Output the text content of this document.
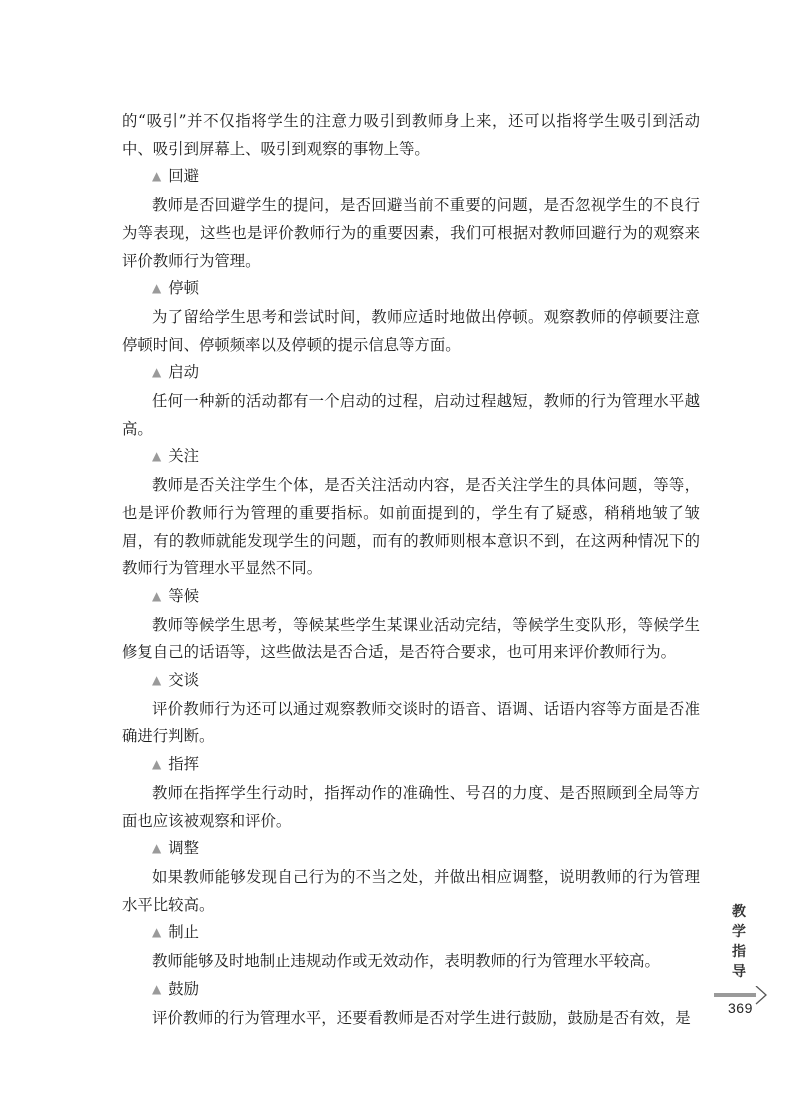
的“吸引”并不仅指将学生的注意力吸引到教师身上来，还可以指将学生吸引到活动中、吸引到屏幕上、吸引到观察的事物上等。

▲ 回避

教师是否回避学生的提问，是否回避当前不重要的问题，是否忽视学生的不良行为等表现，这些也是评价教师行为的重要因素，我们可根据对教师回避行为的观察来评价教师行为管理。

▲ 停顿

为了留给学生思考和尝试时间，教师应适时地做出停顿。观察教师的停顿要注意停顿时间、停顿频率以及停顿的提示信息等方面。

▲ 启动

任何一种新的活动都有一个启动的过程，启动过程越短，教师的行为管理水平越高。

▲ 关注

教师是否关注学生个体，是否关注活动内容，是否关注学生的具体问题，等等，也是评价教师行为管理的重要指标。如前面提到的，学生有了疑惑，稍稍地皱了皱眉，有的教师就能发现学生的问题，而有的教师则根本意识不到，在这两种情况下的教师行为管理水平显然不同。

▲ 等候

教师等候学生思考，等候某些学生某课业活动完结，等候学生变队形，等候学生修复自己的话语等，这些做法是否合适，是否符合要求，也可用来评价教师行为。

▲ 交谈

评价教师行为还可以通过观察教师交谈时的语音、语调、话语内容等方面是否准确进行判断。

▲ 指挥

教师在指挥学生行动时，指挥动作的准确性、号召的力度、是否照顾到全局等方面也应该被观察和评价。

▲ 调整

如果教师能够发现自己行为的不当之处，并做出相应调整，说明教师的行为管理水平比较高。

▲ 制止

教师能够及时地制止违规动作或无效动作，表明教师的行为管理水平较高。

▲ 鼓励

评价教师的行为管理水平，还要看教师是否对学生进行鼓励，鼓励是否有效，是

教
学
指
导
369
